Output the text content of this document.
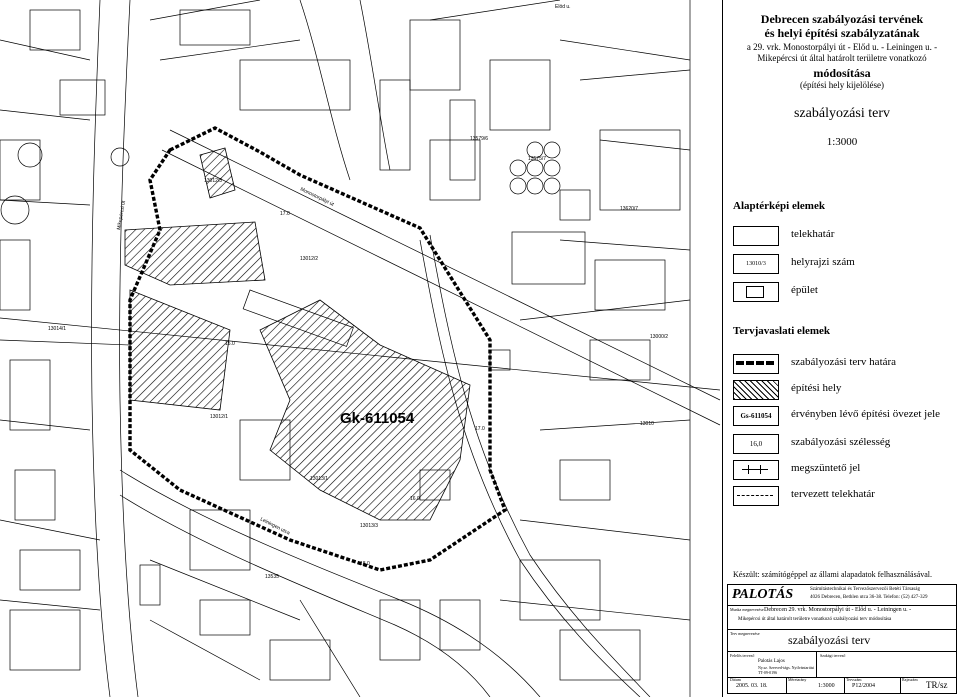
Gk-611054
Mikepércsi út
Monostorpályi út
Leiningen utca
Elöd u.
13000/2
13014/1
13012/3
13012/1
13010
13013/3
13013/1
13575/7
13579/6
13620/7
13012/2
13535
17.0
16.0
17.0
15.0
18.0
Debrecen szabályozási tervének
és helyi építési szabályzatának
a 29. vrk. Monostorpályi út - Előd u. - Leiningen u. -
Mikepércsi út által határolt területre vonatkozó
módosítása
(építési hely kijelölése)
szabályozási terv
1:3000
Alaptérképi elemek
telekhatár
13010/3	helyrajzi szám
épület
Tervjavaslati elemek
szabályozási terv határa
építési hely
Gs-611054	érvényben lévő építési övezet jele
16,0	szabályozási szélesség
megszüntető jel
tervezett telekhatár
Készült: számítógéppel az állami alapadatok felhasználásával.
PALOTÁS	Számítástechnikai és Tervezőszervezői Betéti Társaság
4026 Debrecen, Bethlen utca 36-38. Telefon: (52) 427-329
Munka megnevezése Debrecen 29. vrk. Monostorpályi út - Előd u. - Leiningen u. -
Mikepércsi út által határolt területre vonatkozó szabályozási terv módosítása
Terv megnevezése szabályozási terv
Felelős tervező
Palotás Lajos
Ny.sz. Szerved-tágs. Nyilvántartási
TT-09-0196
Szakági tervező
Dátum
2005. 03. 18.
Méretarány
1:3000
Tervszám
P12/2004
Rajzszám
TR/sz
